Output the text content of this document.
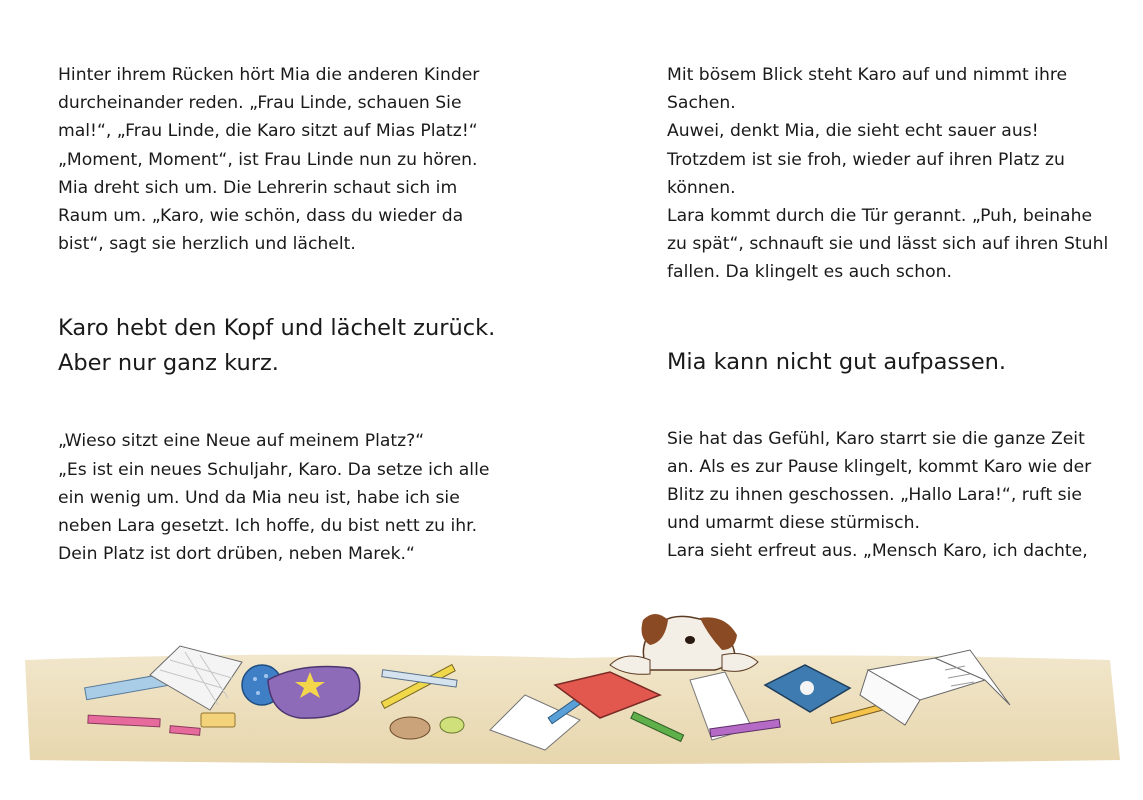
Hinter ihrem Rücken hört Mia die anderen Kinder
durcheinander reden. „Frau Linde, schauen Sie
mal!“, „Frau Linde, die Karo sitzt auf Mias Platz!“
„Moment, Moment“, ist Frau Linde nun zu hören.
Mia dreht sich um. Die Lehrerin schaut sich im
Raum um. „Karo, wie schön, dass du wieder da
bist“, sagt sie herzlich und lächelt.

Karo hebt den Kopf und lächelt zurück.
Aber nur ganz kurz.

„Wieso sitzt eine Neue auf meinem Platz?“
„Es ist ein neues Schuljahr, Karo. Da setze ich alle
ein wenig um. Und da Mia neu ist, habe ich sie
neben Lara gesetzt. Ich hoffe, du bist nett zu ihr.
Dein Platz ist dort drüben, neben Marek.“

Mit bösem Blick steht Karo auf und nimmt ihre
Sachen.
Auwei, denkt Mia, die sieht echt sauer aus!
Trotzdem ist sie froh, wieder auf ihren Platz zu
können.
Lara kommt durch die Tür gerannt. „Puh, beinahe
zu spät“, schnauft sie und lässt sich auf ihren Stuhl
fallen. Da klingelt es auch schon.

Mia kann nicht gut aufpassen.

Sie hat das Gefühl, Karo starrt sie die ganze Zeit
an. Als es zur Pause klingelt, kommt Karo wie der
Blitz zu ihnen geschossen. „Hallo Lara!“, ruft sie
und umarmt diese stürmisch.
Lara sieht erfreut aus. „Mensch Karo, ich dachte,
